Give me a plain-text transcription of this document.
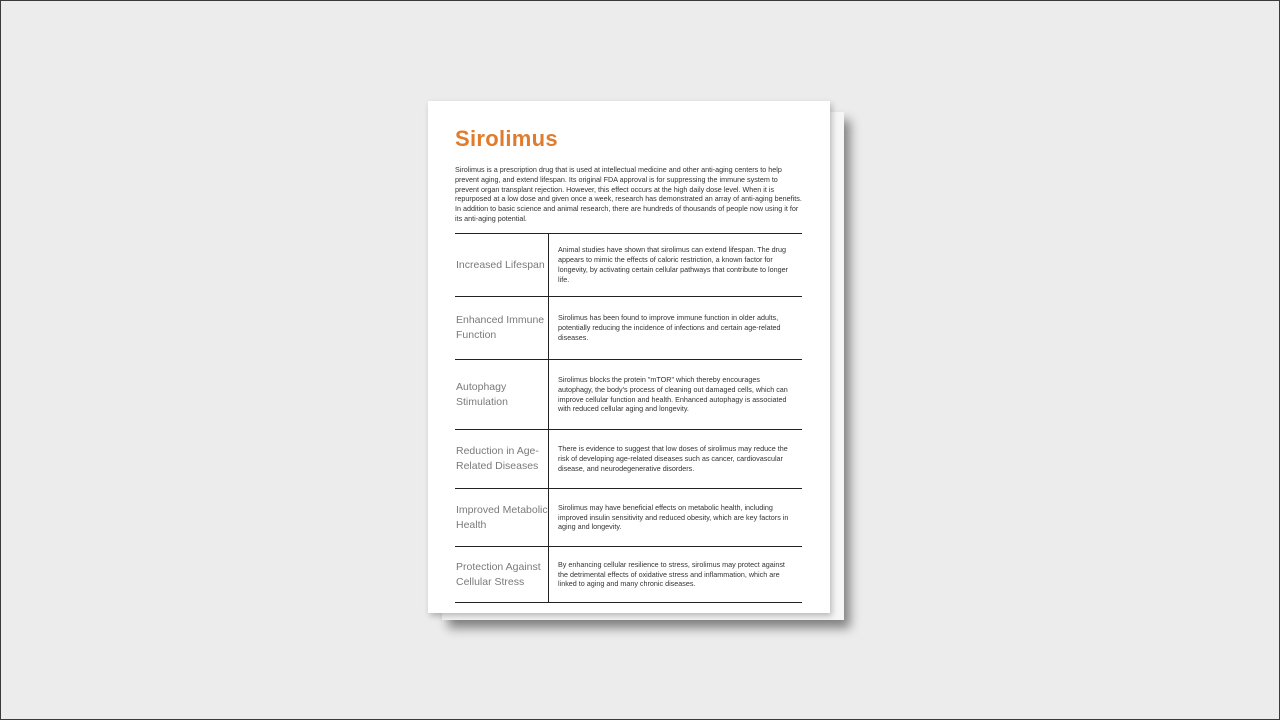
Sirolimus
Sirolimus is a prescription drug that is used at intellectual medicine and other anti-aging centers to help prevent aging, and extend lifespan. Its original FDA approval is for suppressing the immune system to prevent organ transplant rejection. However, this effect occurs at the high daily dose level. When it is repurposed at a low dose and given once a week, research has demonstrated an array of anti-aging benefits. In addition to basic science and animal research, there are hundreds of thousands of people now using it for its anti-aging potential.
Increased Lifespan
Animal studies have shown that sirolimus can extend lifespan. The drug appears to mimic the effects of caloric restriction, a known factor for longevity, by activating certain cellular pathways that contribute to longer life.
Enhanced Immune Function
Sirolimus has been found to improve immune function in older adults, potentially reducing the incidence of infections and certain age-related diseases.
Autophagy Stimulation
Sirolimus blocks the protein "mTOR" which thereby encourages autophagy, the body's process of cleaning out damaged cells, which can improve cellular function and health. Enhanced autophagy is associated with reduced cellular aging and longevity.
Reduction in Age-Related Diseases
There is evidence to suggest that low doses of sirolimus may reduce the risk of developing age-related diseases such as cancer, cardiovascular disease, and neurodegenerative disorders.
Improved Metabolic Health
Sirolimus may have beneficial effects on metabolic health, including improved insulin sensitivity and reduced obesity, which are key factors in aging and longevity.
Protection Against Cellular Stress
By enhancing cellular resilience to stress, sirolimus may protect against the detrimental effects of oxidative stress and inflammation, which are linked to aging and many chronic diseases.
